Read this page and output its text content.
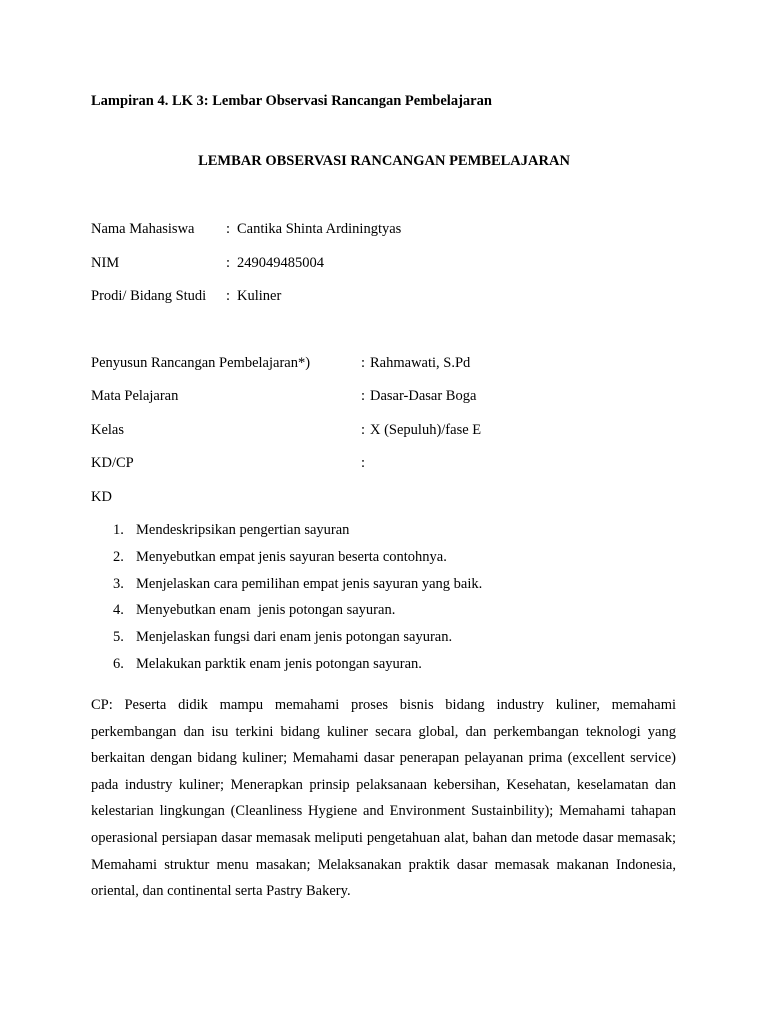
Lampiran 4. LK 3: Lembar Observasi Rancangan Pembelajaran
LEMBAR OBSERVASI RANCANGAN PEMBELAJARAN
Nama Mahasiswa : Cantika Shinta Ardiningtyas
NIM	: 249049485004
Prodi/ Bidang Studi : Kuliner
Penyusun Rancangan Pembelajaran*)	: Rahmawati, S.Pd
Mata Pelajaran	: Dasar-Dasar Boga
Kelas	: X (Sepuluh)/fase E
KD/CP	:
KD
1. Mendeskripsikan pengertian sayuran
2. Menyebutkan empat jenis sayuran beserta contohnya.
3. Menjelaskan cara pemilihan empat jenis sayuran yang baik.
4. Menyebutkan enam  jenis potongan sayuran.
5. Menjelaskan fungsi dari enam jenis potongan sayuran.
6. Melakukan parktik enam jenis potongan sayuran.

CP: Peserta didik mampu memahami proses bisnis bidang industry kuliner, memahami perkembangan dan isu terkini bidang kuliner secara global, dan perkembangan teknologi yang berkaitan dengan bidang kuliner; Memahami dasar penerapan pelayanan prima (excellent service) pada industry kuliner; Menerapkan prinsip pelaksanaan kebersihan, Kesehatan, keselamatan dan kelestarian lingkungan (Cleanliness Hygiene and Environment Sustainbility); Memahami tahapan operasional persiapan dasar memasak meliputi pengetahuan alat, bahan dan metode dasar memasak; Memahami struktur menu masakan; Melaksanakan praktik dasar memasak makanan Indonesia, oriental, dan continental serta Pastry Bakery.
